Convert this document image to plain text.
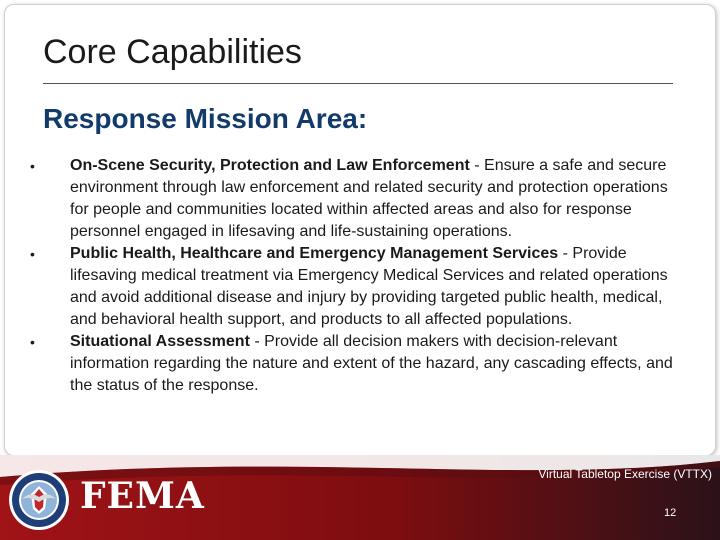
Core Capabilities
Response Mission Area:
•	On-Scene Security, Protection and Law Enforcement - Ensure a safe and secure environment through law enforcement and related security and protection operations for people and communities located within affected areas and also for response personnel engaged in lifesaving and life-sustaining operations.
•	Public Health, Healthcare and Emergency Management Services - Provide lifesaving medical treatment via Emergency Medical Services and related operations and avoid additional disease and injury by providing targeted public health, medical, and behavioral health support, and products to all affected populations.
•	Situational Assessment - Provide all decision makers with decision-relevant information regarding the nature and extent of the hazard, any cascading effects, and the status of the response.
FEMA
Virtual Tabletop Exercise (VTTX)
12
